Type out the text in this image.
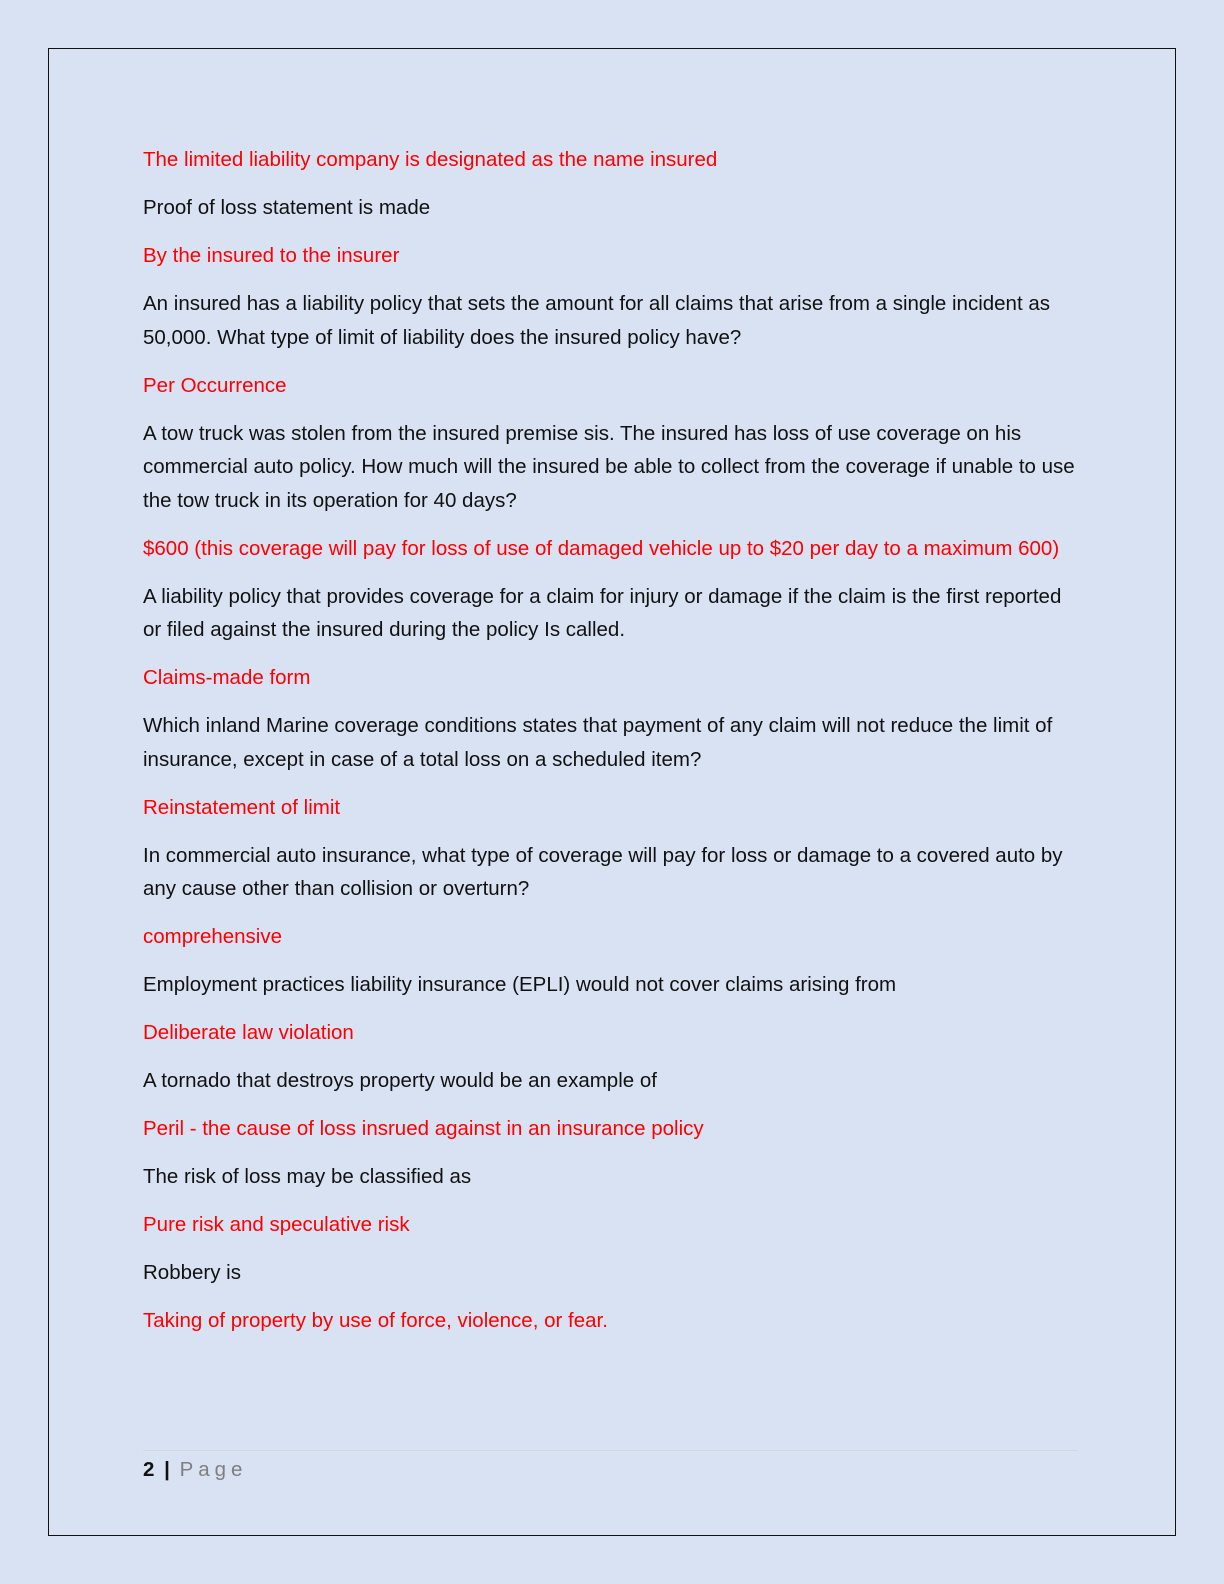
The limited liability company is designated as the name insured

Proof of loss statement is made

By the insured to the insurer

An insured has a liability policy that sets the amount for all claims that arise from a single incident as 50,000. What type of limit of liability does the insured policy have?

Per Occurrence

A tow truck was stolen from the insured premise sis. The insured has loss of use coverage on his commercial auto policy. How much will the insured be able to collect from the coverage if unable to use the tow truck in its operation for 40 days?

$600 (this coverage will pay for loss of use of damaged vehicle up to $20 per day to a maximum 600)

A liability policy that provides coverage for a claim for injury or damage if the claim is the first reported or filed against the insured during the policy Is called.

Claims-made form

Which inland Marine coverage conditions states that payment of any claim will not reduce the limit of insurance, except in case of a total loss on a scheduled item?

Reinstatement of limit

In commercial auto insurance, what type of coverage will pay for loss or damage to a covered auto by any cause other than collision or overturn?

comprehensive

Employment practices liability insurance (EPLI) would not cover claims arising from

Deliberate law violation

A tornado that destroys property would be an example of

Peril - the cause of loss insrued against in an insurance policy

The risk of loss may be classified as

Pure risk and speculative risk

Robbery is

Taking of property by use of force, violence, or fear.

2 | Page
